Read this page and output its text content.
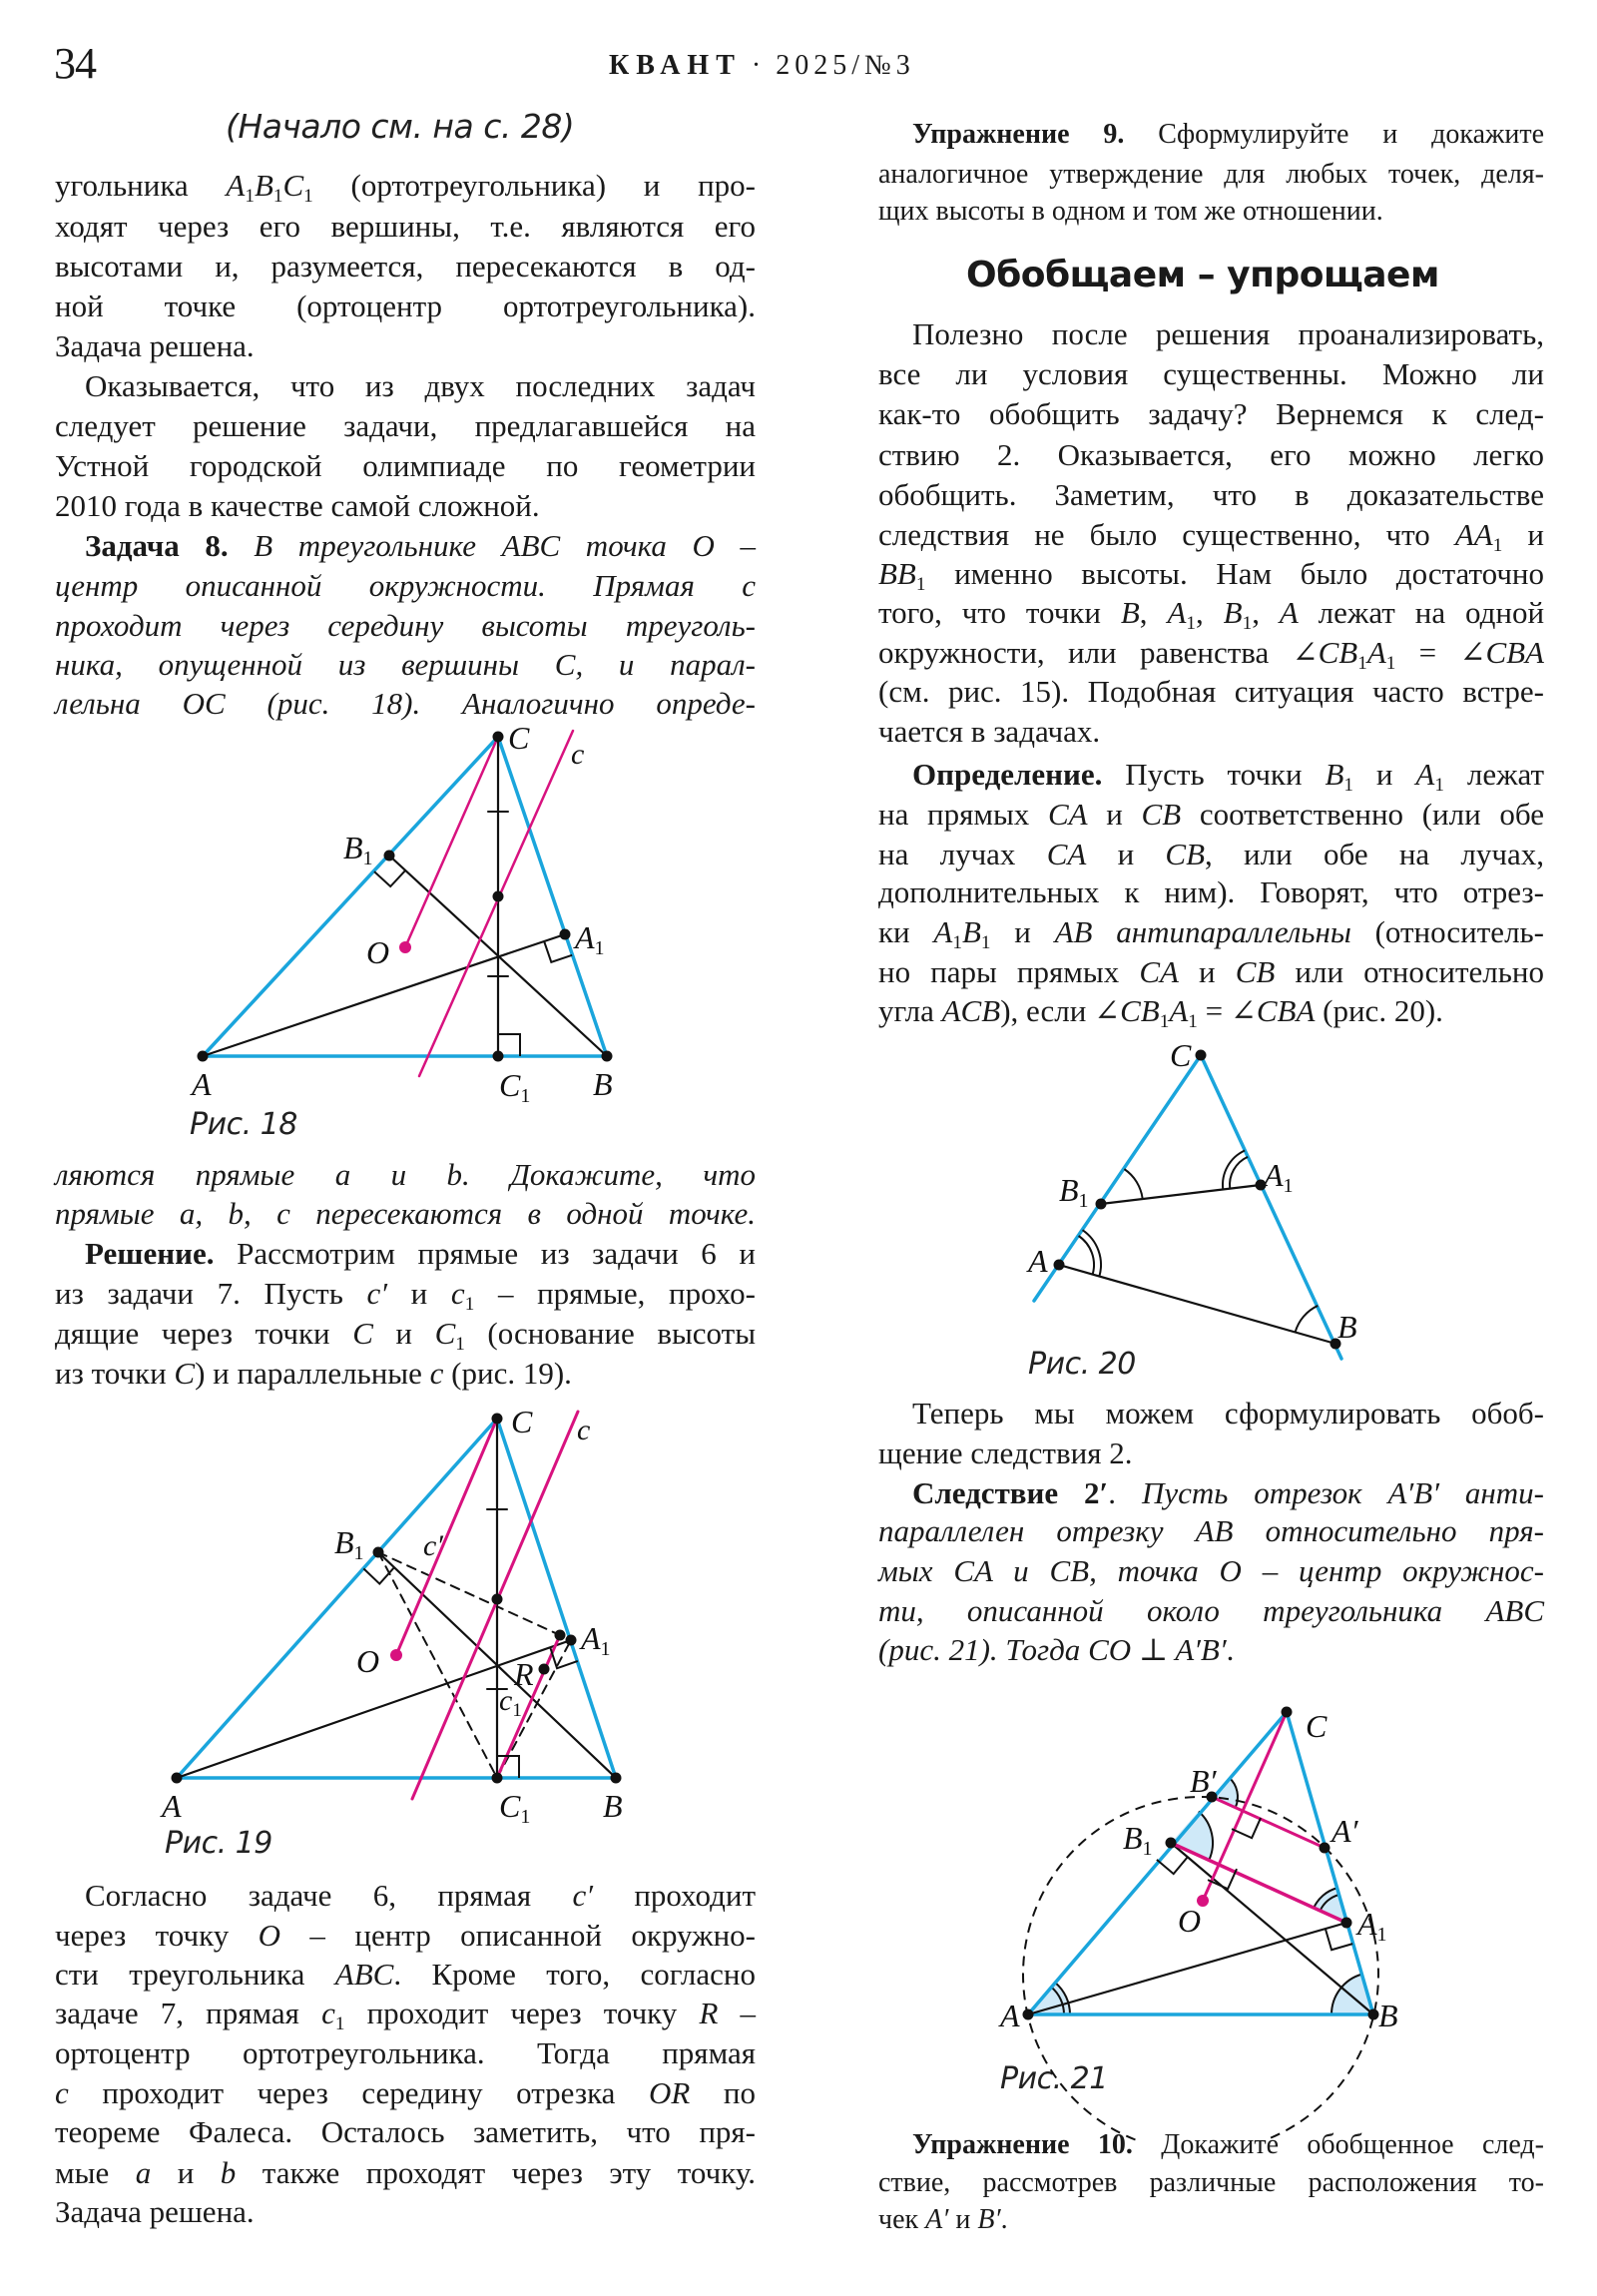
34	КВАНТ · 2025/№3
(Начало см. на с. 28)
Обобщаем – упрощаем
угольника $A_1B_1C_1$ (ортотреугольника) и про-
ходят через его вершины, т.е. являются его
высотами и, разумеется, пересекаются в од-
ной точке (ортоцентр ортотреугольника).
Задача решена.
Оказывается, что из двух последних задач
следует решение задачи, предлагавшейся на
Устной городской олимпиаде по геометрии
2010 года в качестве самой сложной.
Задача 8. В треугольнике ABC точка O –
центр описанной окружности. Прямая c
проходит через середину высоты треуголь-
ника, опущенной из вершины C, и парал-
лельна OC (рис. 18). Аналогично опреде-
ляются прямые a и b. Докажите, что
прямые a, b, c пересекаются в одной точке.
Решение. Рассмотрим прямые из задачи 6 и
из задачи 7. Пусть c′ и $c_1$ – прямые, прохо-
дящие через точки C и $C_1$ (основание высоты
из точки C) и параллельные c (рис. 19).
Согласно задаче 6, прямая c′ проходит
через точку O – центр описанной окружно-
сти треугольника ABC. Кроме того, согласно
задаче 7, прямая $c_1$ проходит через точку R –
ортоцентр ортотреугольника. Тогда прямая
c проходит через середину отрезка OR по
теореме Фалеса. Осталось заметить, что пря-
мые a и b также проходят через эту точку.
Задача решена.
Упражнение 9. Сформулируйте и докажите
аналогичное утверждение для любых точек, деля-
щих высоты в одном и том же отношении.
Полезно после решения проанализировать,
все ли условия существенны. Можно ли
как-то обобщить задачу? Вернемся к след-
ствию 2. Оказывается, его можно легко
обобщить. Заметим, что в доказательстве
следствия не было существенно, что $AA_1$ и
$BB_1$ именно высоты. Нам было достаточно
того, что точки B, $A_1$, $B_1$, A лежат на одной
окружности, или равенства $\angle CB_1A_1$ = ∠CBA
(см. рис. 15). Подобная ситуация часто встре-
чается в задачах.
Определение. Пусть точки $B_1$ и $A_1$ лежат
на прямых CA и CB соответственно (или обе
на лучах CA и CB, или обе на лучах,
дополнительных к ним). Говорят, что отрез-
ки $A_1B_1$ и AB антипараллельны (относитель-
но пары прямых CA и CB или относительно
угла ACB), если $\angle CB_1A_1$ = ∠CBA (рис. 20).
Теперь мы можем сформулировать обоб-
щение следствия 2.
Следствие 2′. Пусть отрезок A′B′ анти-
параллелен отрезку AB относительно пря-
мых CA и CB, точка O – центр окружнос-
ти, описанной около треугольника ABC
(рис. 21). Тогда CO ⊥ A′B′.
Упражнение 10. Докажите обобщенное след-
ствие, рассмотрев различные расположения то-
чек A′ и B′.
Рис. 18
Рис. 19
Рис. 20
Рис. 21
C c
B1
A1
O
A	C1 B
C c
c′
B1
A1
O	R
$c_1$
A	C1 B
C
B1
A1
A
B
C
B′
A′
B1
O	A1
A	B
